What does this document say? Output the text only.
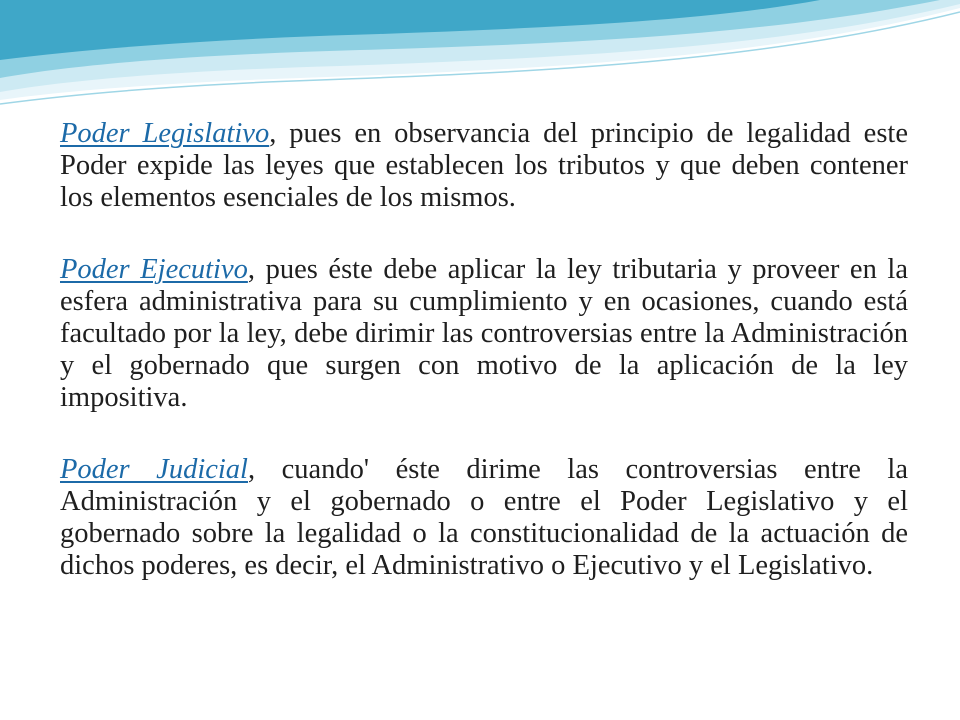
Poder Legislativo, pues en observancia del principio de legalidad este Poder expide las leyes que establecen los tributos y que deben contener los elementos esenciales de los mismos.

Poder Ejecutivo, pues éste debe aplicar la ley tributaria y proveer en la esfera administrativa para su cumplimiento y en ocasiones, cuando está facultado por la ley, debe dirimir las controversias entre la Administración y el gobernado que surgen con motivo de la aplicación de la ley impositiva.

Poder Judicial, cuando' éste dirime las controversias entre la Administración y el gobernado o entre el Poder Legislativo y el gobernado sobre la legalidad o la constitucionalidad de la actuación de dichos poderes, es decir, el Administrativo o Ejecutivo y el Legislativo.
